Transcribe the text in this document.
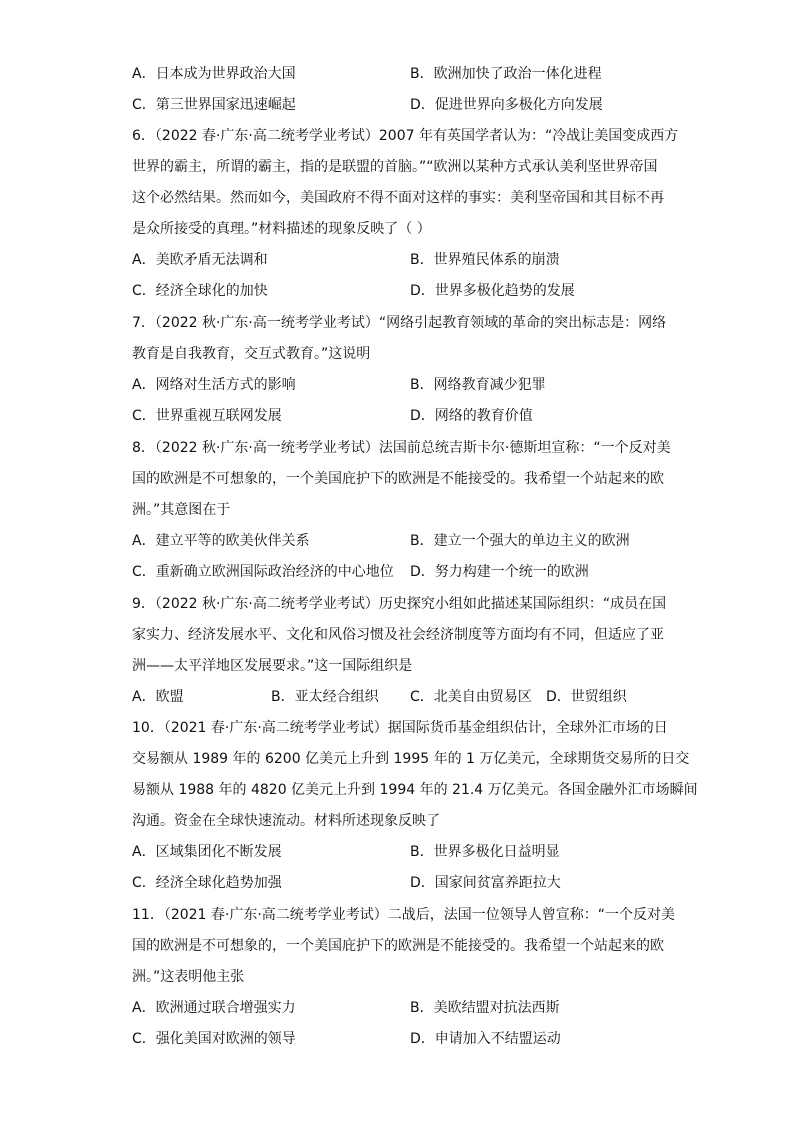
A．日本成为世界政治大国	B．欧洲加快了政治一体化进程

C．第三世界国家迅速崛起	D．促进世界向多极化方向发展

6．（2022 春·广东·高二统考学业考试）2007 年有英国学者认为：“冷战让美国变成西方

世界的霸主，所谓的霸主，指的是联盟的首脑。”“欧洲以某种方式承认美利坚世界帝国

这个必然结果。然而如今，美国政府不得不面对这样的事实：美利坚帝国和其目标不再

是众所接受的真理。”材料描述的现象反映了（ ）

A．美欧矛盾无法调和	B．世界殖民体系的崩溃

C．经济全球化的加快	D．世界多极化趋势的发展

7．（2022 秋·广东·高一统考学业考试）“网络引起教育领域的革命的突出标志是：网络

教育是自我教育，交互式教育。”这说明

A．网络对生活方式的影响	B．网络教育减少犯罪

C．世界重视互联网发展	D．网络的教育价值

8．（2022 秋·广东·高一统考学业考试）法国前总统吉斯卡尔·德斯坦宣称：“一个反对美

国的欧洲是不可想象的，一个美国庇护下的欧洲是不能接受的。我希望一个站起来的欧

洲。”其意图在于

A．建立平等的欧美伙伴关系	B．建立一个强大的单边主义的欧洲

C．重新确立欧洲国际政治经济的中心地位	D．努力构建一个统一的欧洲

9．（2022 秋·广东·高二统考学业考试）历史探究小组如此描述某国际组织：“成员在国

家实力、经济发展水平、文化和风俗习惯及社会经济制度等方面均有不同，但适应了亚

洲——太平洋地区发展要求。”这一国际组织是

A．欧盟	B．亚太经合组织	C．北美自由贸易区	D．世贸组织

10．（2021 春·广东·高二统考学业考试）据国际货币基金组织估计，全球外汇市场的日

交易额从 1989 年的 6200 亿美元上升到 1995 年的 1 万亿美元，全球期货交易所的日交

易额从 1988 年的 4820 亿美元上升到 1994 年的 21.4 万亿美元。各国金融外汇市场瞬间

沟通。资金在全球快速流动。材料所述现象反映了

A．区域集团化不断发展	B．世界多极化日益明显

C．经济全球化趋势加强	D．国家间贫富养距拉大

11．（2021 春·广东·高二统考学业考试）二战后，法国一位领导人曾宣称：“一个反对美

国的欧洲是不可想象的，一个美国庇护下的欧洲是不能接受的。我希望一个站起来的欧

洲。”这表明他主张

A．欧洲通过联合增强实力	B．美欧结盟对抗法西斯

C．强化美国对欧洲的领导	D．申请加入不结盟运动
